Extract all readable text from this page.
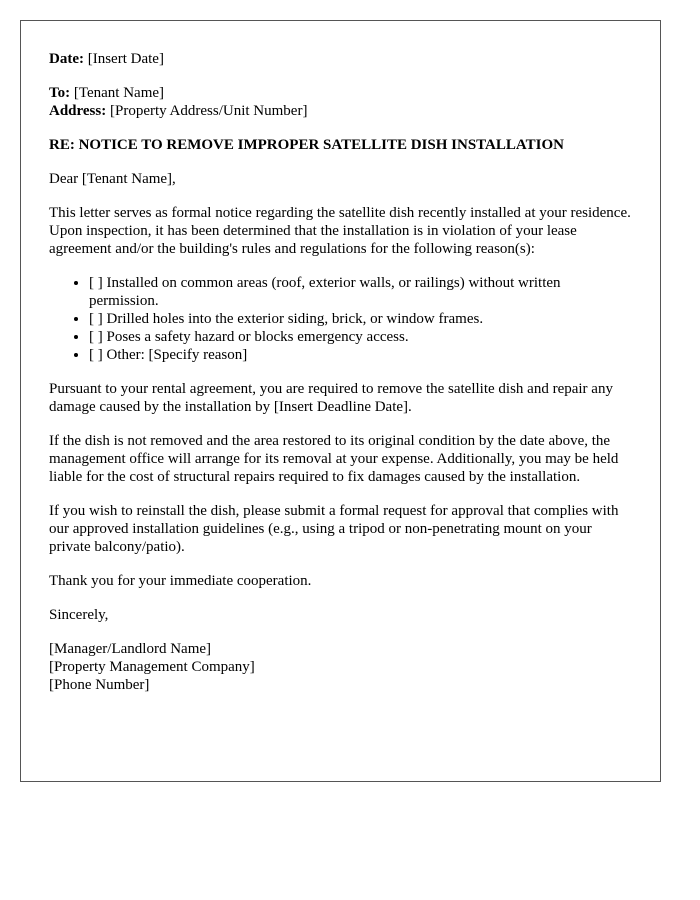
Date: [Insert Date]

To: [Tenant Name]
Address: [Property Address/Unit Number]

RE: NOTICE TO REMOVE IMPROPER SATELLITE DISH INSTALLATION

Dear [Tenant Name],

This letter serves as formal notice regarding the satellite dish recently installed at your residence. Upon inspection, it has been determined that the installation is in violation of your lease agreement and/or the building's rules and regulations for the following reason(s):

• [ ] Installed on common areas (roof, exterior walls, or railings) without written permission.
• [ ] Drilled holes into the exterior siding, brick, or window frames.
• [ ] Poses a safety hazard or blocks emergency access.
• [ ] Other: [Specify reason]

Pursuant to your rental agreement, you are required to remove the satellite dish and repair any damage caused by the installation by [Insert Deadline Date].

If the dish is not removed and the area restored to its original condition by the date above, the management office will arrange for its removal at your expense. Additionally, you may be held liable for the cost of structural repairs required to fix damages caused by the installation.

If you wish to reinstall the dish, please submit a formal request for approval that complies with our approved installation guidelines (e.g., using a tripod or non-penetrating mount on your private balcony/patio).

Thank you for your immediate cooperation.

Sincerely,

[Manager/Landlord Name]
[Property Management Company]
[Phone Number]
